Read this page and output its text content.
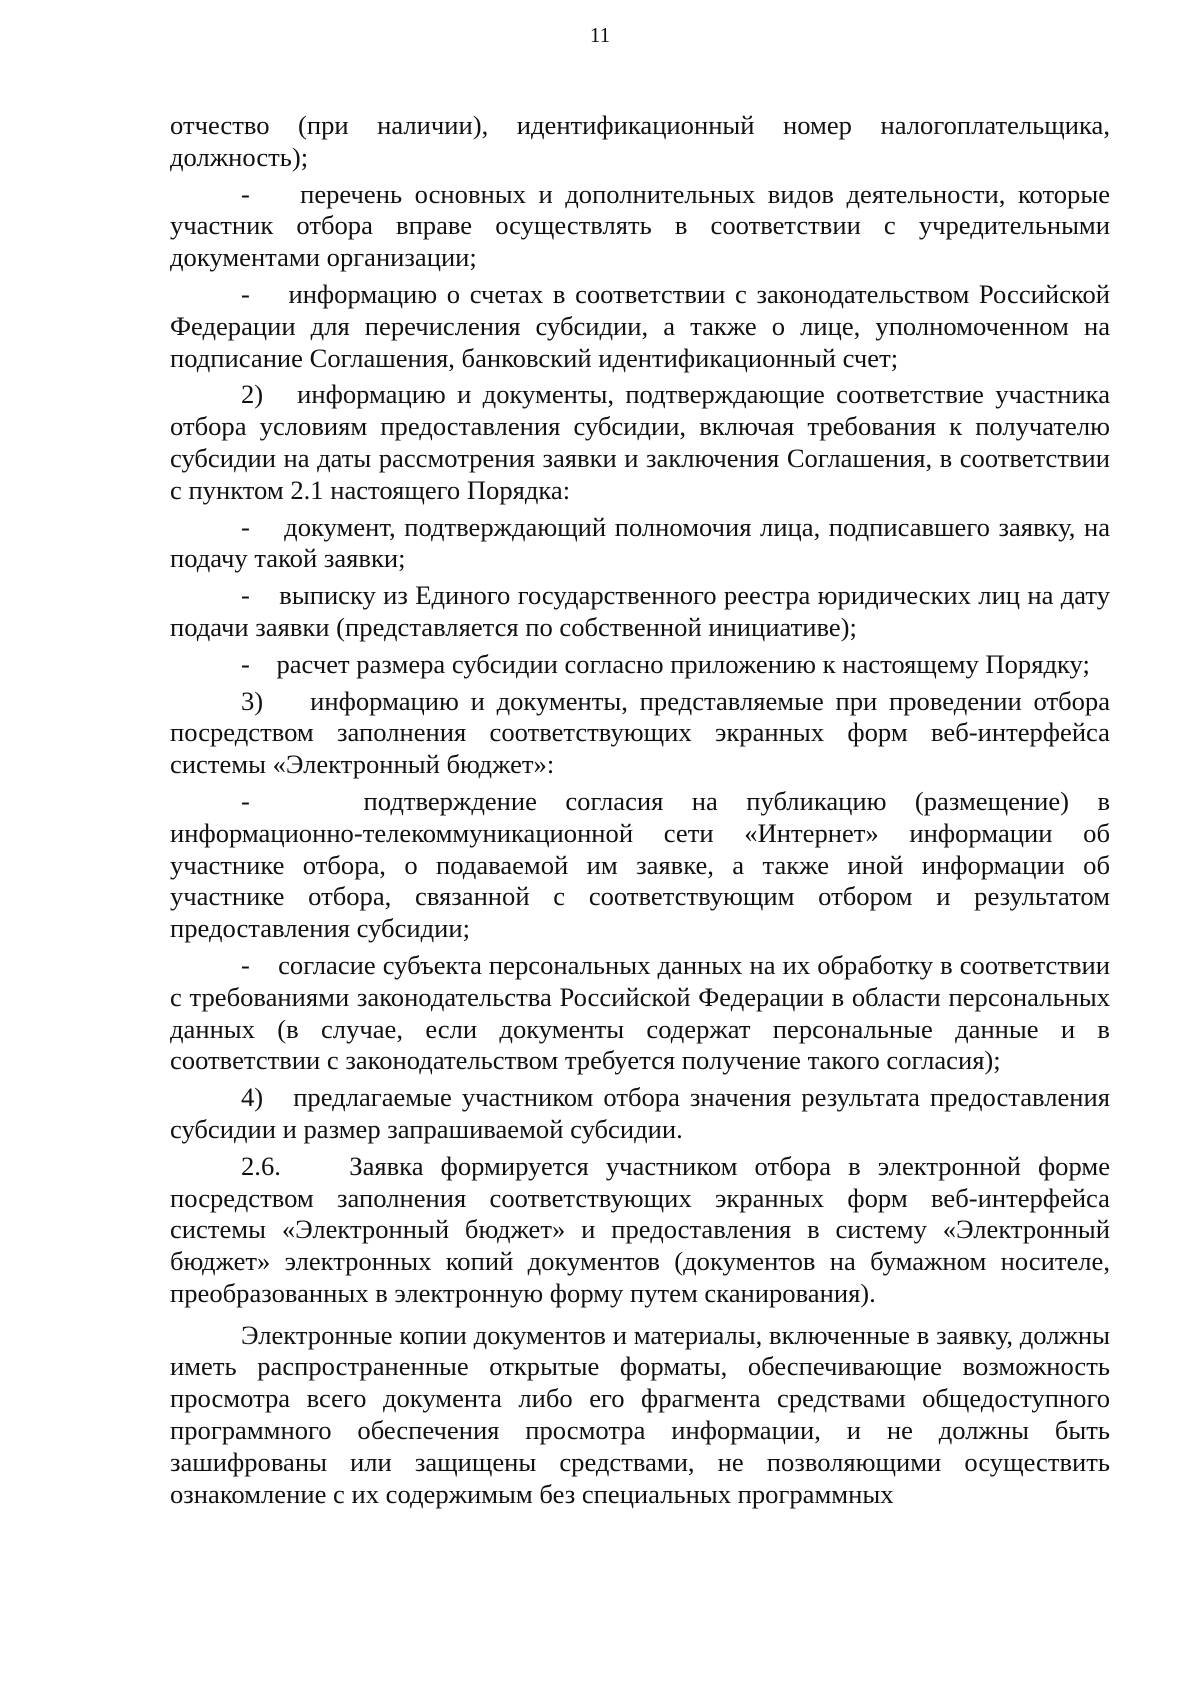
11

отчество (при наличии), идентификационный номер налогоплательщика, должность);

-    перечень основных и дополнительных видов деятельности, которые участник отбора вправе осуществлять в соответствии с учредительными документами организации;

-    информацию о счетах в соответствии с законодательством Российской Федерации для перечисления субсидии, а также о лице, уполномоченном на подписание Соглашения, банковский идентификационный счет;

2)   информацию и документы, подтверждающие соответствие участника отбора условиям предоставления субсидии, включая требования к получателю субсидии на даты рассмотрения заявки и заключения Соглашения, в соответствии с пунктом 2.1 настоящего Порядка:

-    документ, подтверждающий полномочия лица, подписавшего заявку, на подачу такой заявки;

-    выписку из Единого государственного реестра юридических лиц на дату подачи заявки (представляется по собственной инициативе);

-    расчет размера субсидии согласно приложению к настоящему Порядку;

3)    информацию и документы, представляемые при проведении отбора посредством заполнения соответствующих экранных форм веб-интерфейса системы «Электронный бюджет»:

-    подтверждение согласия на публикацию (размещение) в информационно-телекоммуникационной сети «Интернет» информации об участнике отбора, о подаваемой им заявке, а также иной информации об участнике отбора, связанной с соответствующим отбором и результатом предоставления субсидии;

-    согласие субъекта персональных данных на их обработку в соответствии с требованиями законодательства Российской Федерации в области персональных данных (в случае, если документы содержат персональные данные и в соответствии с законодательством требуется получение такого согласия);

4)   предлагаемые участником отбора значения результата предоставления субсидии и размер запрашиваемой субсидии.

2.6.    Заявка формируется участником отбора в электронной форме посредством заполнения соответствующих экранных форм веб-интерфейса системы «Электронный бюджет» и предоставления в систему «Электронный бюджет» электронных копий документов (документов на бумажном носителе, преобразованных в электронную форму путем сканирования).

Электронные копии документов и материалы, включенные в заявку, должны иметь распространенные открытые форматы, обеспечивающие возможность просмотра всего документа либо его фрагмента средствами общедоступного программного обеспечения просмотра информации, и не должны быть зашифрованы или защищены средствами, не позволяющими осуществить ознакомление с их содержимым без специальных программных
